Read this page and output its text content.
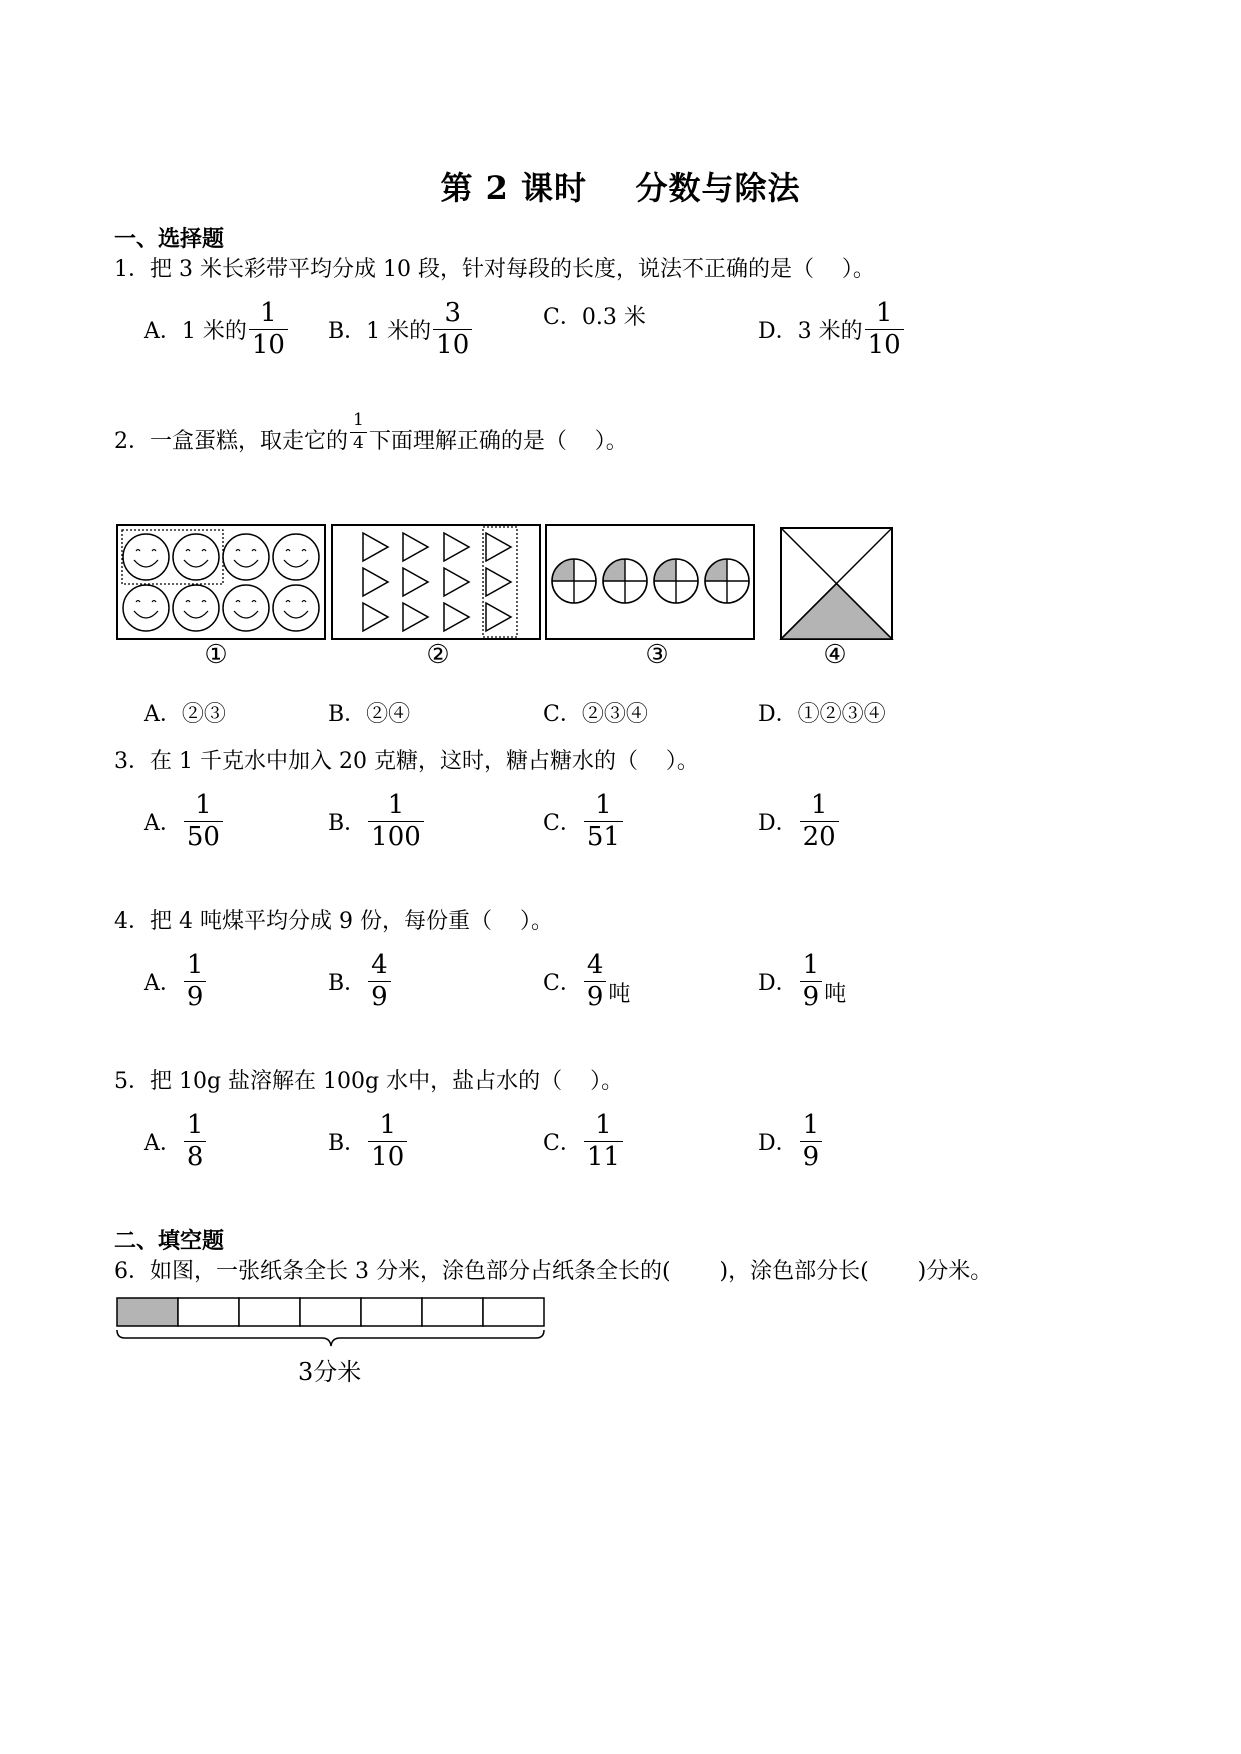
第 2 课时    分数与除法
一、选择题
1．把 3 米长彩带平均分成 10 段，针对每段的长度，说法不正确的是（    ）。
A．1 米的 $\frac{1}{10}$ B．1 米的 $\frac{3}{10}$	C．0.3 米
D．3 米的 $\frac{1}{10}$
2．一盒蛋糕，取走它的 $\frac{1}{4}$ 下面理解正确的是（    ）。
①	②	③	④
A．②③	B．②④	C．②③④	D．①②③④
3．在 1 千克水中加入 20 克糖，这时，糖占糖水的（    ）。
A． $\frac{1}{50}$	B． $\frac{1}{100}$	C． $\frac{1}{51}$	D． $\frac{1}{20}$
4．把 4 吨煤平均分成 9 份，每份重（    ）。
A． $\frac{1}{9}$	B． $\frac{4}{9}$	C． $\frac{4}{9}$ 吨	D． $\frac{1}{9}$ 吨
5．把 10g 盐溶解在 100g 水中，盐占水的（    ）。
A． $\frac{1}{8}$	B． $\frac{1}{10}$	C． $\frac{1}{11}$	D． $\frac{1}{9}$
二、填空题
6．如图，一张纸条全长 3 分米，涂色部分占纸条全长的(       )，涂色部分长(       )分米。
3分米
